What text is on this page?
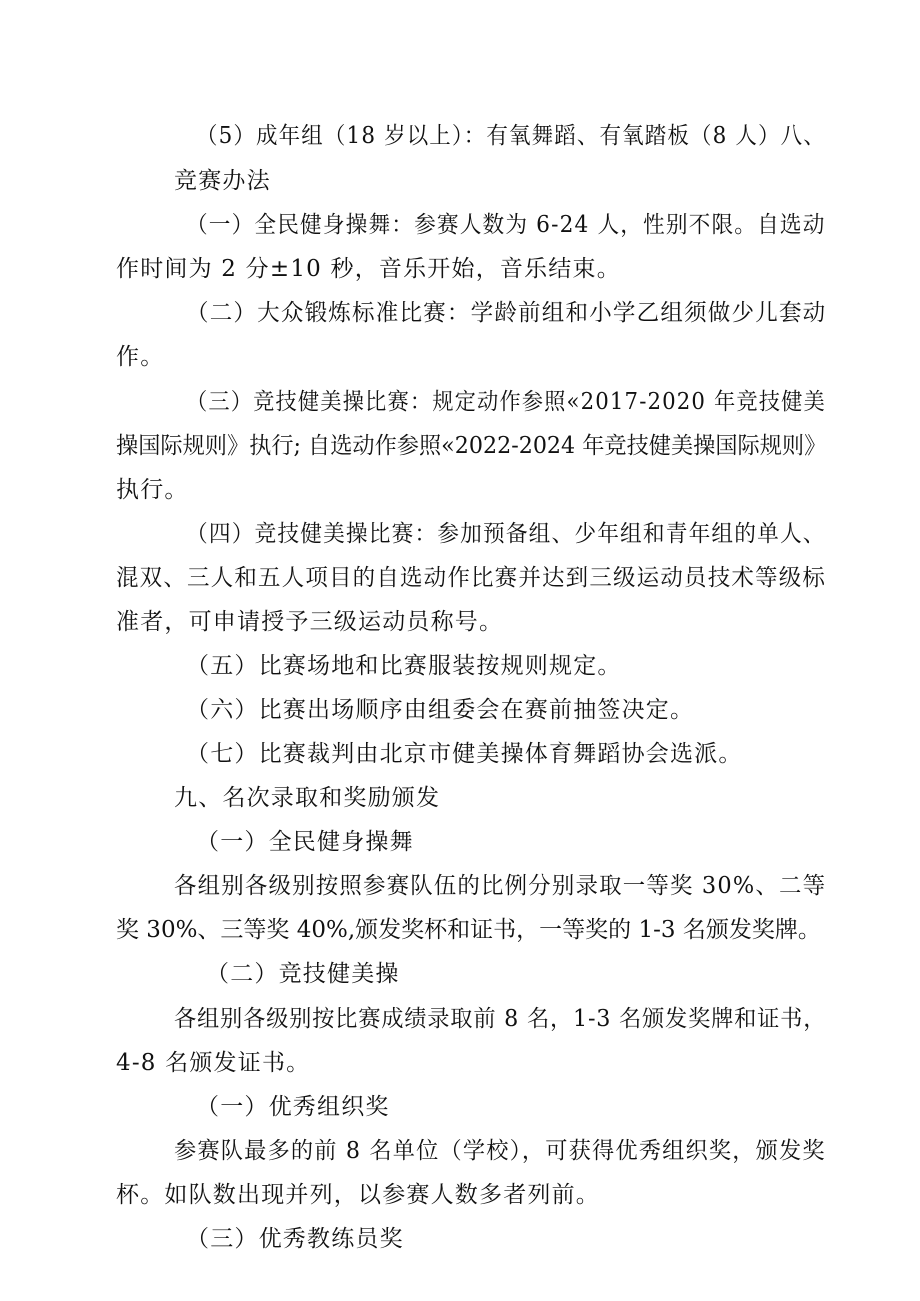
（5）成年组（18 岁以上）：有氧舞蹈、有氧踏板（8 人）八、
竞赛办法
（一）全民健身操舞：参赛人数为 6-24 人，性别不限。自选动
作时间为 2 分±10 秒，音乐开始，音乐结束。
（二）大众锻炼标准比赛：学龄前组和小学乙组须做少儿套动
作。
（三）竞技健美操比赛：规定动作参照«2017-2020 年竞技健美
操国际规则》执行; 自选动作参照«2022-2024 年竞技健美操国际规则》
执行。
（四）竞技健美操比赛：参加预备组、少年组和青年组的单人、
混双、三人和五人项目的自选动作比赛并达到三级运动员技术等级标
准者，可申请授予三级运动员称号。
（五）比赛场地和比赛服装按规则规定。
（六）比赛出场顺序由组委会在赛前抽签决定。
（七）比赛裁判由北京市健美操体育舞蹈协会选派。
九、名次录取和奖励颁发
（一）全民健身操舞
各组别各级别按照参赛队伍的比例分别录取一等奖 30%、二等
奖 30%、三等奖 40%,颁发奖杯和证书，一等奖的 1-3 名颁发奖牌。
（二）竞技健美操
各组别各级别按比赛成绩录取前 8 名，1-3 名颁发奖牌和证书，
4-8 名颁发证书。
（一）优秀组织奖
参赛队最多的前 8 名单位（学校），可获得优秀组织奖，颁发奖
杯。如队数出现并列，以参赛人数多者列前。
（三）优秀教练员奖
